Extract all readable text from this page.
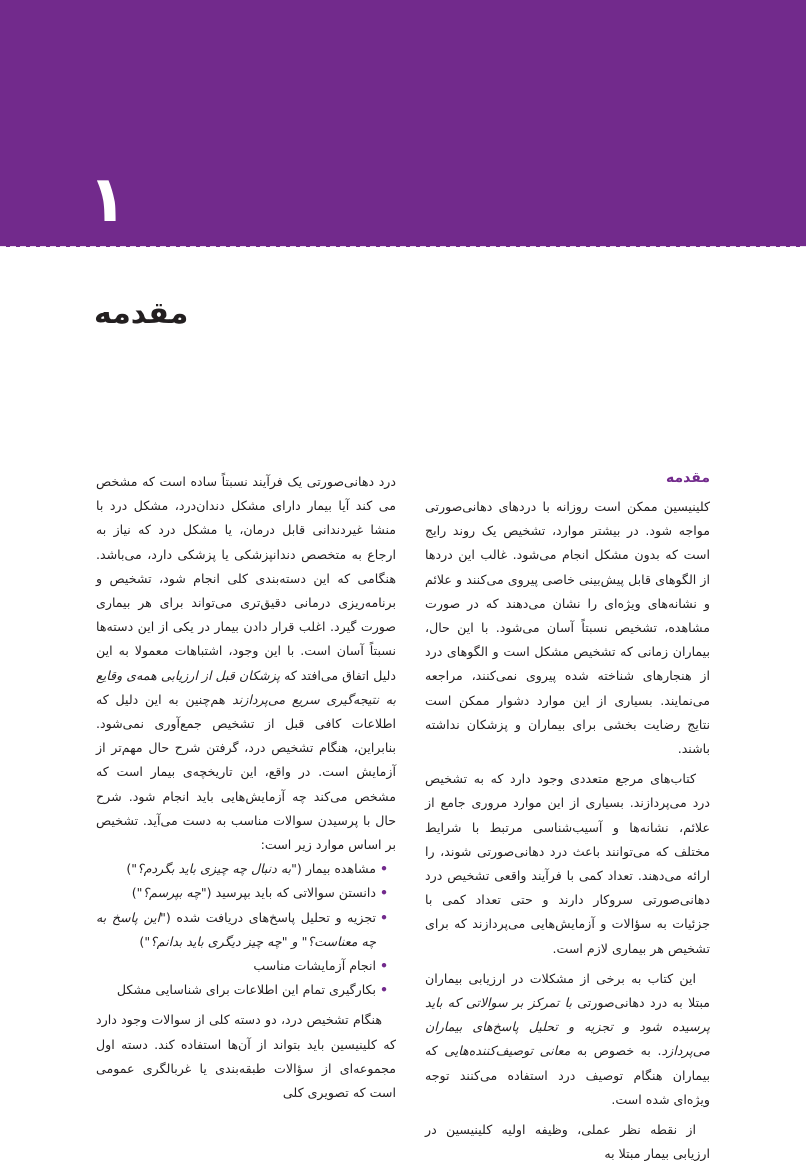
۱
مقدمه
مقدمه

کلینیسین ممکن است روزانه با دردهای دهانی‌صورتی مواجه شود. در بیشتر موارد، تشخیص یک روند رایج است که بدون مشکل انجام می‌شود. غالب این دردها از الگوهای قابل پیش‌بینی خاصی پیروی می‌کنند و علائم و نشانه‌های ویژه‌ای را نشان می‌دهند که در صورت مشاهده، تشخیص نسبتاً آسان می‌شود. با این حال، بیماران زمانی که تشخیص مشکل است و الگوهای درد از هنجارهای شناخته شده پیروی نمی‌کنند، مراجعه می‌نمایند. بسیاری از این موارد دشوار ممکن است نتایج رضایت بخشی برای بیماران و پزشکان نداشته باشند.

کتاب‌های مرجع متعددی وجود دارد که به تشخیص درد می‌پردازند. بسیاری از این موارد مروری جامع از علائم، نشانه‌ها و آسیب‌شناسی مرتبط با شرایط مختلف که می‌توانند باعث درد دهانی‌صورتی شوند، را ارائه می‌دهند. تعداد کمی با فرآیند واقعی تشخیص درد دهانی‌صورتی سروکار دارند و حتی تعداد کمی با جزئیات به سؤالات و آزمایش‌هایی می‌پردازند که برای تشخیص هر بیماری لازم است.

این کتاب به برخی از مشکلات در ارزیابی بیماران مبتلا به درد دهانی‌صورتی با تمرکز بر سوالاتی که باید پرسیده شود و تجزیه و تحلیل پاسخ‌های بیماران می‌پردازد. به خصوص به معانی توصیف‌کننده‌هایی که بیماران هنگام توصیف درد استفاده می‌کنند توجه ویژه‌ای شده است.

از نقطه نظر عملی، وظیفه اولیه کلینیسین در ارزیابی بیمار مبتلا به

درد دهانی‌صورتی یک فرآیند نسبتاً ساده است که مشخص می کند آیا بیمار دارای مشکل دندان‌درد، مشکل درد با منشا غیردندانی قابل درمان، یا مشکل درد که نیاز به ارجاع به متخصص دندانپزشکی یا پزشکی دارد، می‌باشد. هنگامی که این دسته‌بندی کلی انجام شود، تشخیص و برنامه‌ریزی درمانی دقیق‌تری می‌تواند برای هر بیماری صورت گیرد. اغلب قرار دادن بیمار در یکی از این دسته‌ها نسبتاً آسان است. با این وجود، اشتباهات معمولا به این دلیل اتفاق می‌افتد که پزشکان قبل از ارزیابی همه‌ی وقایع به نتیجه‌گیری سریع می‌پردازند هم‌چنین به این دلیل که اطلاعات کافی قبل از تشخیص جمع‌آوری نمی‌شود. بنابراین، هنگام تشخیص درد، گرفتن شرح حال مهم‌تر از آزمایش است. در واقع، این تاریخچه‌ی بیمار است که مشخص می‌کند چه آزمایش‌هایی باید انجام شود. شرح حال با پرسیدن سوالات مناسب به دست می‌آید. تشخیص بر اساس موارد زیر است:

• مشاهده بیمار ("به دنبال چه چیزی باید بگردم؟")
• دانستن سوالاتی که باید بپرسید ("چه بپرسم؟")
• تجزیه و تحلیل پاسخ‌های دریافت شده ("این پاسخ به چه معناست؟" و "چه چیز دیگری باید بدانم؟")
• انجام آزمایشات مناسب
• بکارگیری تمام این اطلاعات برای شناسایی مشکل

هنگام تشخیص درد، دو دسته کلی از سوالات وجود دارد که کلینیسین باید بتواند از آن‌ها استفاده کند. دسته اول مجموعه‌ای از سؤالات طبقه‌بندی یا غربالگری عمومی است که تصویری کلی
